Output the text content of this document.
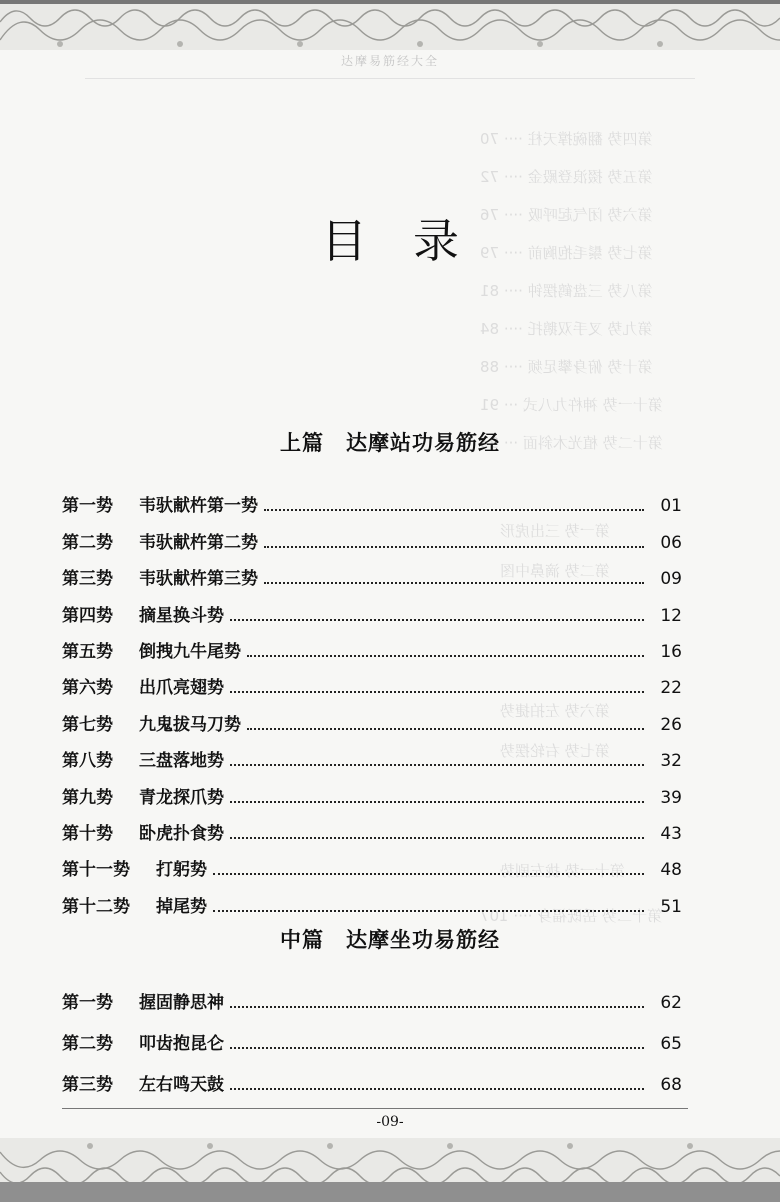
达摩易筋经大全
第四势 翻碗撑天柱 ···· 70
第五势 掇浪登殿金 ···· 72
第六势 闭气起呼吸 ···· 76
第七势 鬃毛抱胸前 ···· 79
第八势 三盘鹤摆钟 ···· 81
第九势 叉手双鹅托 ···· 84
第十势 俯身攀足频 ···· 88
第十一势 神杵九八式 ··· 91
第十二势 植光木斜面 ··· 93
第一势 三出虎形
第二势 滴鼻中图
第六势 左拍捷势
第七势 右轮摆势
第十一势 拢左剧势
第十二势 岳既福身 ···· 107
目录
上篇 达摩站功易筋经
第一势 韦驮献杵第一势	01
第二势 韦驮献杵第二势	06
第三势 韦驮献杵第三势	09
第四势 摘星换斗势	12
第五势 倒拽九牛尾势	16
第六势 出爪亮翅势	22
第七势 九鬼拔马刀势	26
第八势 三盘落地势	32
第九势 青龙探爪势	39
第十势 卧虎扑食势	43
第十一势 打躬势	48
第十二势 掉尾势	51
中篇 达摩坐功易筋经
第一势 握固静思神	62
第二势 叩齿抱昆仑	65
第三势 左右鸣天鼓	68
-09-
